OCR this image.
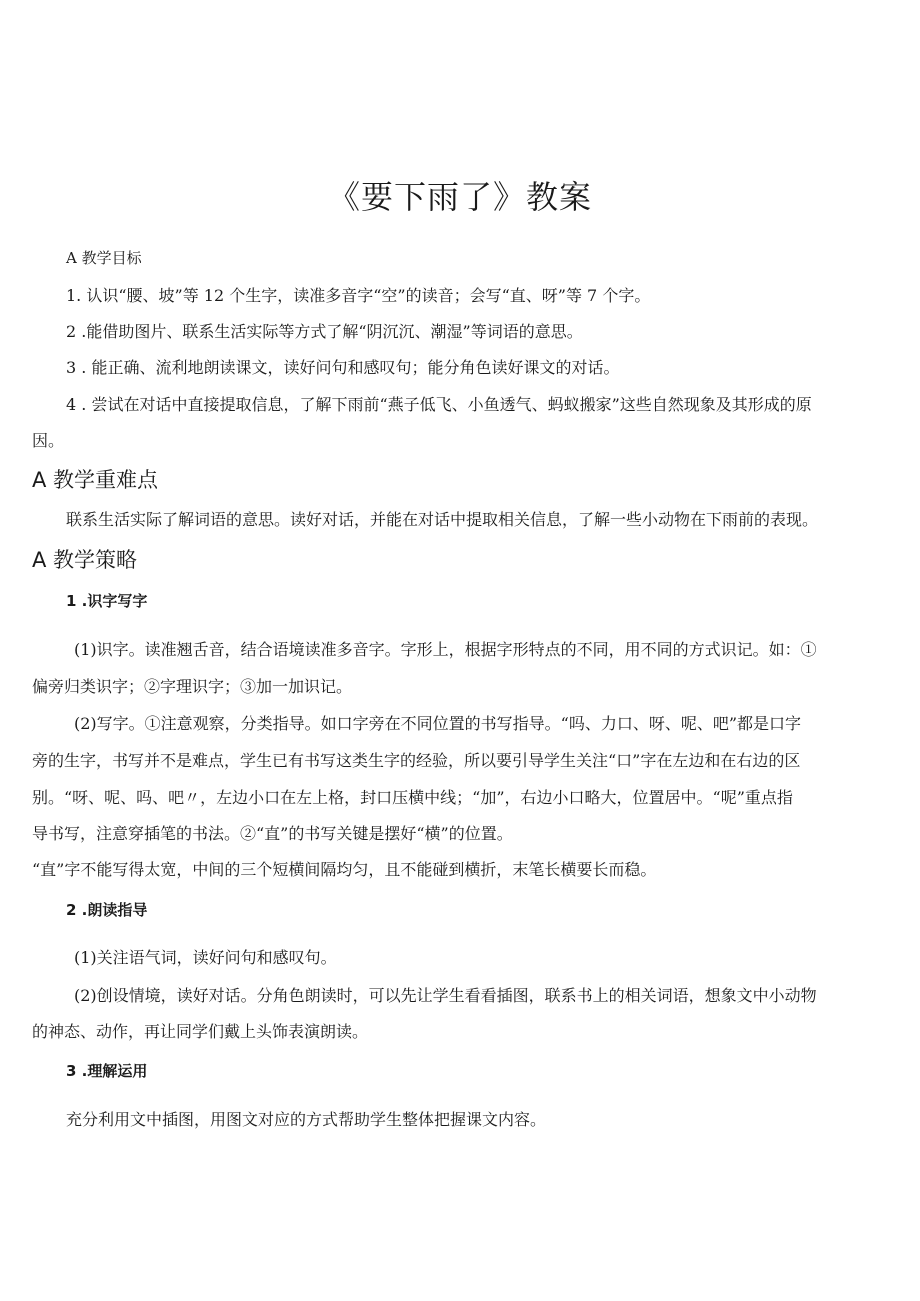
《要下雨了》教案

A 教学目标

1. 认识“腰、坡”等 12 个生字，读准多音字“空”的读音；会写“直、呀”等 7 个字。

2 .能借助图片、联系生活实际等方式了解“阴沉沉、潮湿”等词语的意思。

3 . 能正确、流利地朗读课文，读好问句和感叹句；能分角色读好课文的对话。

4 . 尝试在对话中直接提取信息，了解下雨前“燕子低飞、小鱼透气、蚂蚁搬家”这些自然现象及其形成的原

因。

A 教学重难点

联系生活实际了解词语的意思。读好对话，并能在对话中提取相关信息，了解一些小动物在下雨前的表现。

A 教学策略

1 .识字写字

(1)识字。读准翘舌音，结合语境读准多音字。字形上，根据字形特点的不同，用不同的方式识记。如：①

偏旁归类识字；②字理识字；③加一加识记。

(2)写字。①注意观察，分类指导。如口字旁在不同位置的书写指导。“吗、力口、呀、呢、吧”都是口字

旁的生字，书写并不是难点，学生已有书写这类生字的经验，所以要引导学生关注“口”字在左边和在右边的区

别。“呀、呢、吗、吧〃，左边小口在左上格，封口压横中线；“加”，右边小口略大，位置居中。“呢”重点指

导书写，注意穿插笔的书法。②“直”的书写关键是摆好“横”的位置。

“直”字不能写得太宽，中间的三个短横间隔均匀，且不能碰到横折，末笔长横要长而稳。

2 .朗读指导

(1)关注语气词，读好问句和感叹句。

(2)创设情境，读好对话。分角色朗读时，可以先让学生看看插图，联系书上的相关词语，想象文中小动物

的神态、动作，再让同学们戴上头饰表演朗读。

3 .理解运用

充分利用文中插图，用图文对应的方式帮助学生整体把握课文内容。
